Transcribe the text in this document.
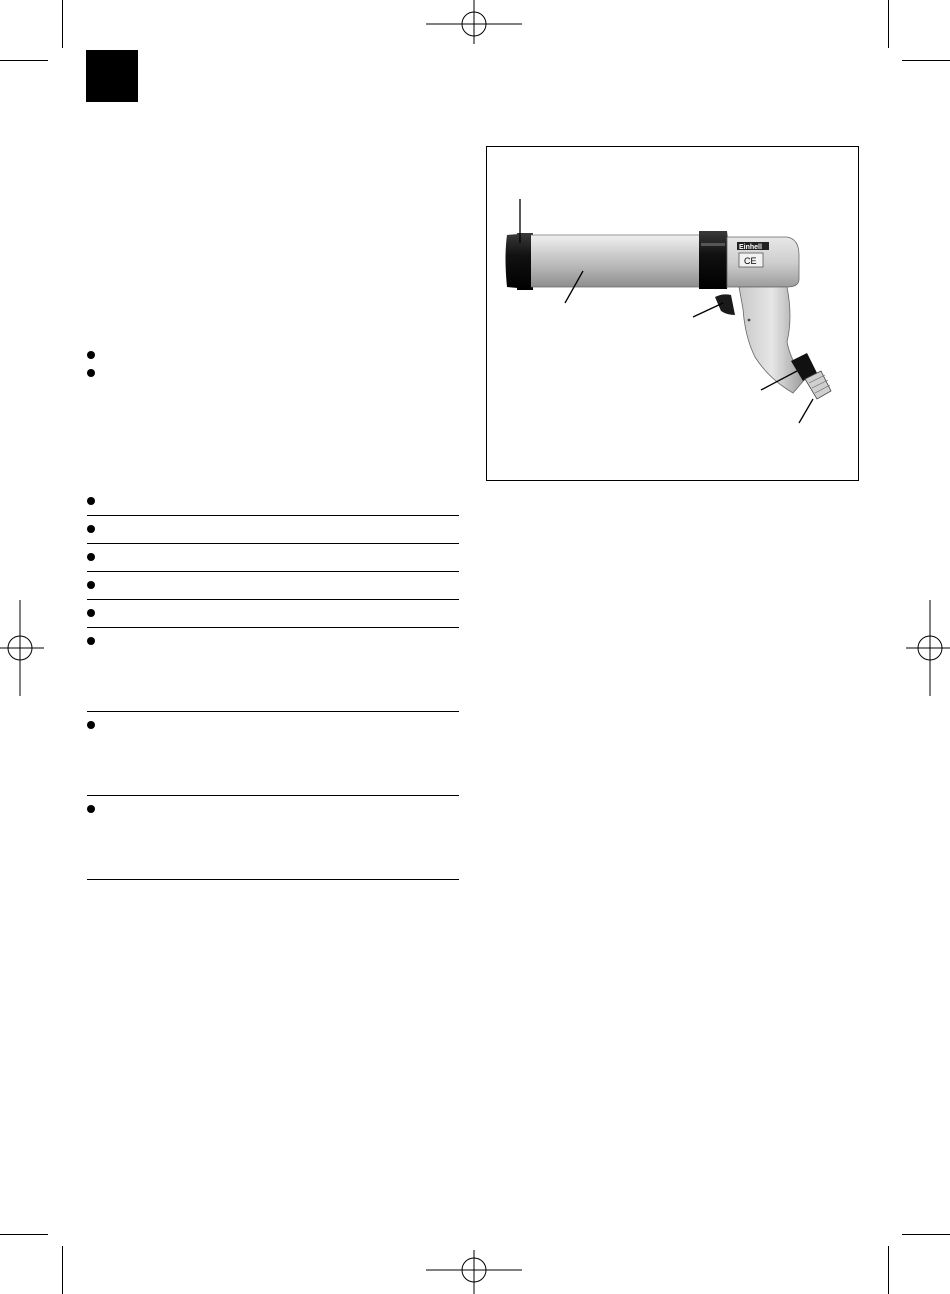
Einhell
CE
